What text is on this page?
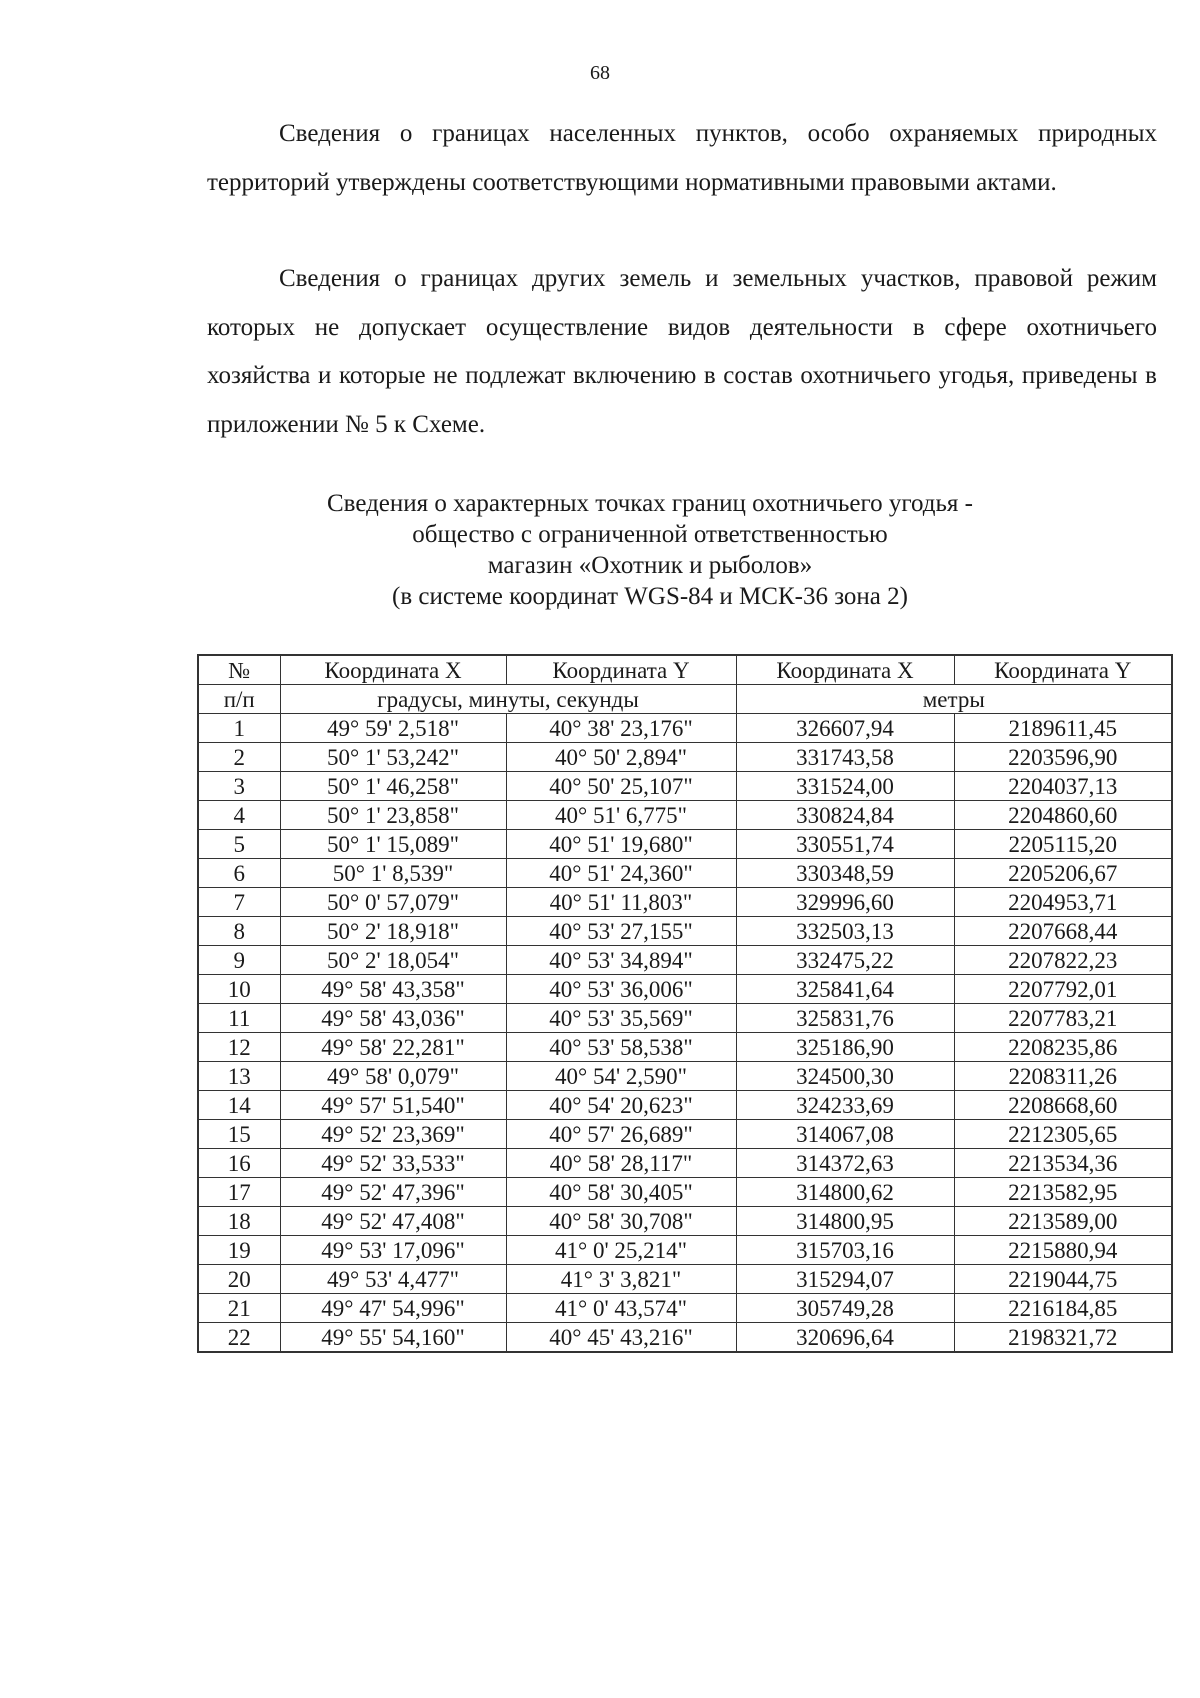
68
Сведения о границах населенных пунктов, особо охраняемых природных территорий утверждены соответствующими нормативными правовыми актами.
Сведения о границах других земель и земельных участков, правовой режим которых не допускает осуществление видов деятельности в сфере охотничьего хозяйства и которые не подлежат включению в состав охотничьего угодья, приведены в приложении № 5 к Схеме.
Сведения о характерных точках границ охотничьего угодья -
общество с ограниченной ответственностью
магазин «Охотник и рыболов»
(в системе координат WGS-84 и МСК-36 зона 2)
№	Координата X	Координата Y	Координата X	Координата Y
п/п	градусы, минуты, секунды		метры	
1	49° 59' 2,518"	40° 38' 23,176"	326607,94	2189611,45
2	50° 1' 53,242"	40° 50' 2,894"	331743,58	2203596,90
3	50° 1' 46,258"	40° 50' 25,107"	331524,00	2204037,13
4	50° 1' 23,858"	40° 51' 6,775"	330824,84	2204860,60
5	50° 1' 15,089"	40° 51' 19,680"	330551,74	2205115,20
6	50° 1' 8,539"	40° 51' 24,360"	330348,59	2205206,67
7	50° 0' 57,079"	40° 51' 11,803"	329996,60	2204953,71
8	50° 2' 18,918"	40° 53' 27,155"	332503,13	2207668,44
9	50° 2' 18,054"	40° 53' 34,894"	332475,22	2207822,23
10	49° 58' 43,358"	40° 53' 36,006"	325841,64	2207792,01
11	49° 58' 43,036"	40° 53' 35,569"	325831,76	2207783,21
12	49° 58' 22,281"	40° 53' 58,538"	325186,90	2208235,86
13	49° 58' 0,079"	40° 54' 2,590"	324500,30	2208311,26
14	49° 57' 51,540"	40° 54' 20,623"	324233,69	2208668,60
15	49° 52' 23,369"	40° 57' 26,689"	314067,08	2212305,65
16	49° 52' 33,533"	40° 58' 28,117"	314372,63	2213534,36
17	49° 52' 47,396"	40° 58' 30,405"	314800,62	2213582,95
18	49° 52' 47,408"	40° 58' 30,708"	314800,95	2213589,00
19	49° 53' 17,096"	41° 0' 25,214"	315703,16	2215880,94
20	49° 53' 4,477"	41° 3' 3,821"	315294,07	2219044,75
21	49° 47' 54,996"	41° 0' 43,574"	305749,28	2216184,85
22	49° 55' 54,160"	40° 45' 43,216"	320696,64	2198321,72
